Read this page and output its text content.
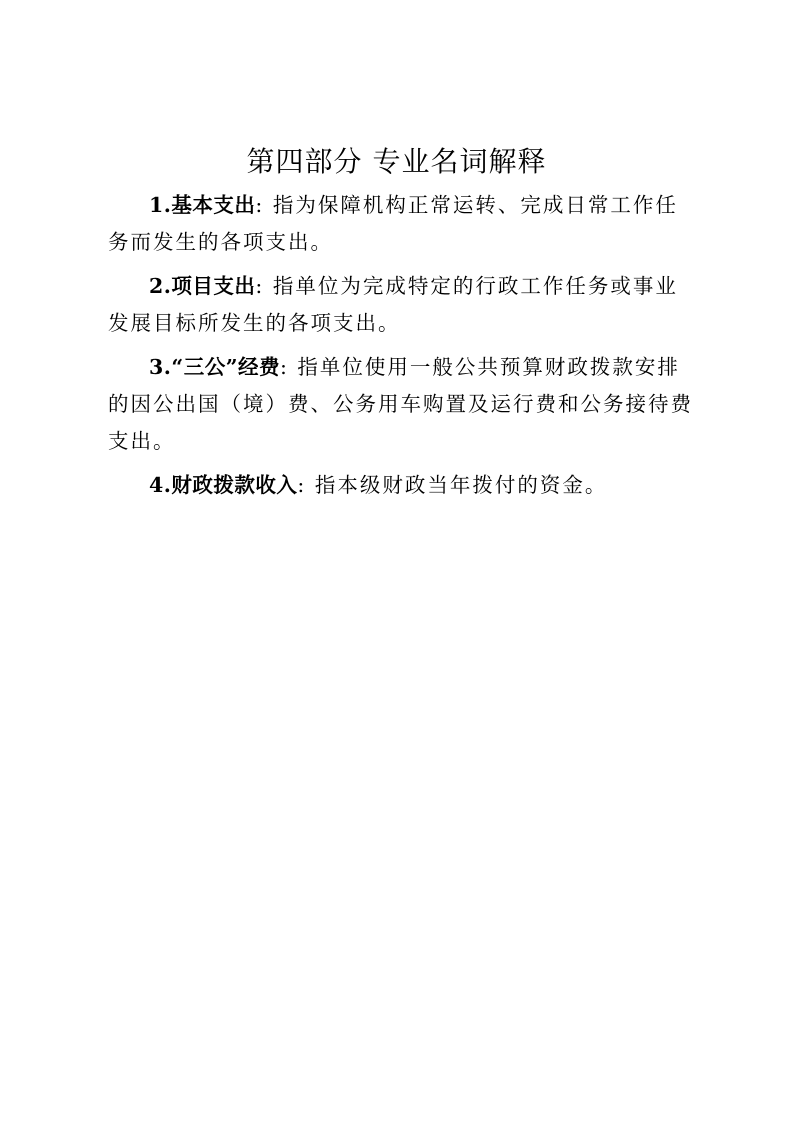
第四部分 专业名词解释

1.基本支出: 指为保障机构正常运转、完成日常工作任务而发生的各项支出。

2.项目支出: 指单位为完成特定的行政工作任务或事业发展目标所发生的各项支出。

3.“三公”经费: 指单位使用一般公共预算财政拨款安排的因公出国（境）费、公务用车购置及运行费和公务接待费支出。

4.财政拨款收入: 指本级财政当年拨付的资金。
